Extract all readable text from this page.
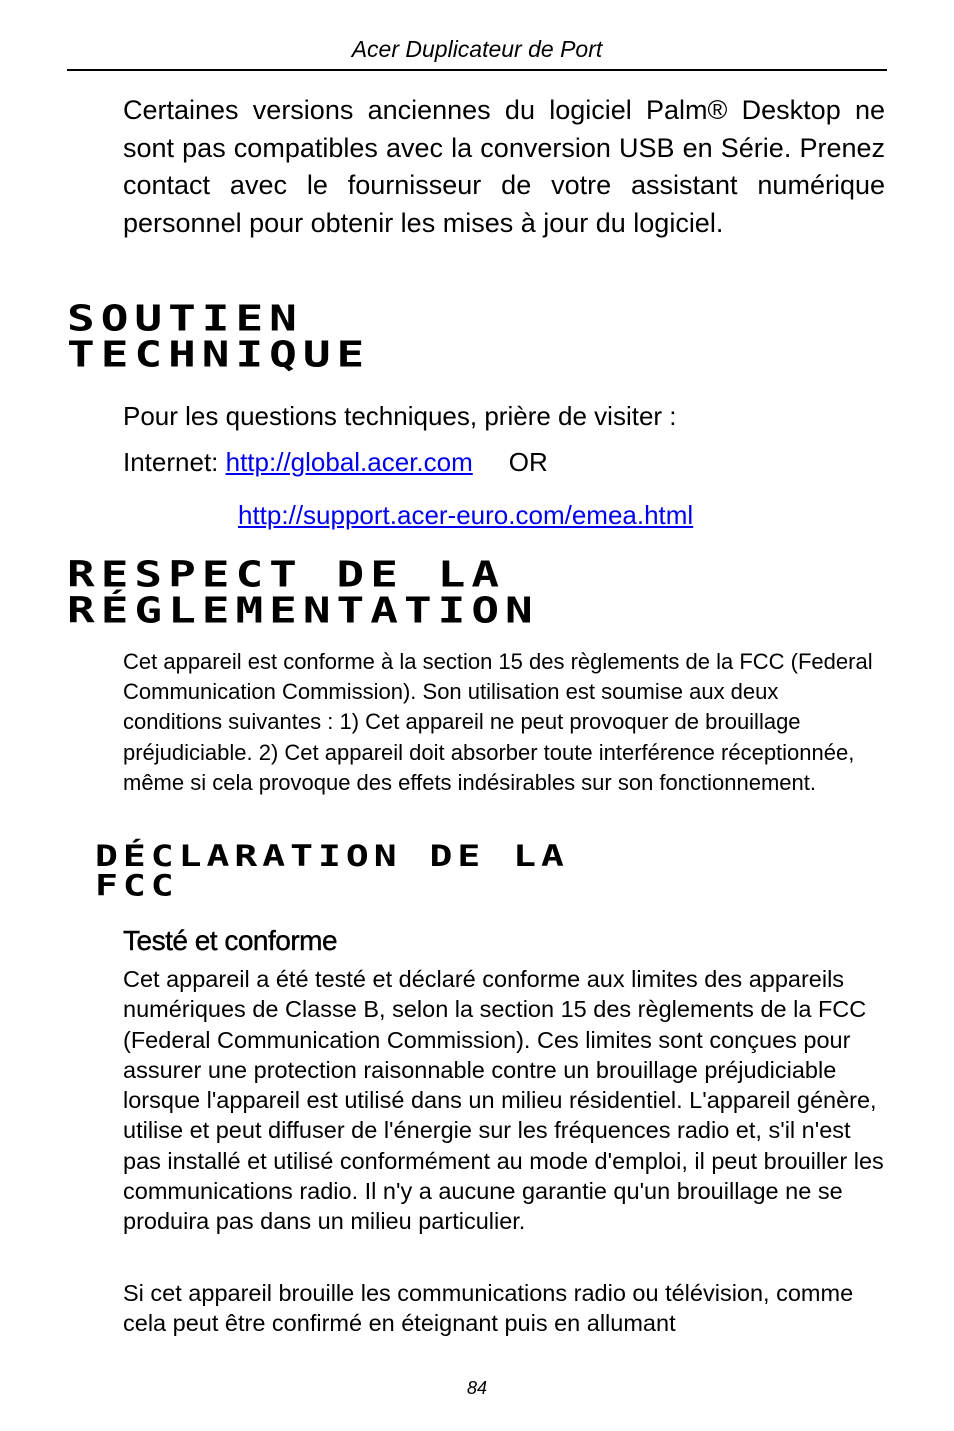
Acer Duplicateur de Port

Certaines versions anciennes du logiciel Palm® Desktop ne sont pas compatibles avec la conversion USB en Série. Prenez contact avec le fournisseur de votre assistant numérique personnel pour obtenir les mises à jour du logiciel.

SOUTIEN
TECHNIQUE

Pour les questions techniques, prière de visiter :

Internet: http://global.acer.com OR

http://support.acer-euro.com/emea.html

RESPECT DE LA
RÉGLEMENTATION

Cet appareil est conforme à la section 15 des règlements de la FCC (Federal Communication Commission). Son utilisation est soumise aux deux conditions suivantes : 1) Cet appareil ne peut provoquer de brouillage préjudiciable. 2) Cet appareil doit absorber toute interférence réceptionnée, même si cela provoque des effets indésirables sur son fonctionnement.

DÉCLARATION DE LA
FCC
Testé et conforme

Cet appareil a été testé et déclaré conforme aux limites des appareils numériques de Classe B, selon la section 15 des règlements de la FCC (Federal Communication Commission). Ces limites sont conçues pour assurer une protection raisonnable contre un brouillage préjudiciable lorsque l'appareil est utilisé dans un milieu résidentiel. L'appareil génère, utilise et peut diffuser de l'énergie sur les fréquences radio et, s'il n'est pas installé et utilisé conformément au mode d'emploi, il peut brouiller les communications radio. Il n'y a aucune garantie qu'un brouillage ne se produira pas dans un milieu particulier.

Si cet appareil brouille les communications radio ou télévision, comme cela peut être confirmé en éteignant puis en allumant

84
